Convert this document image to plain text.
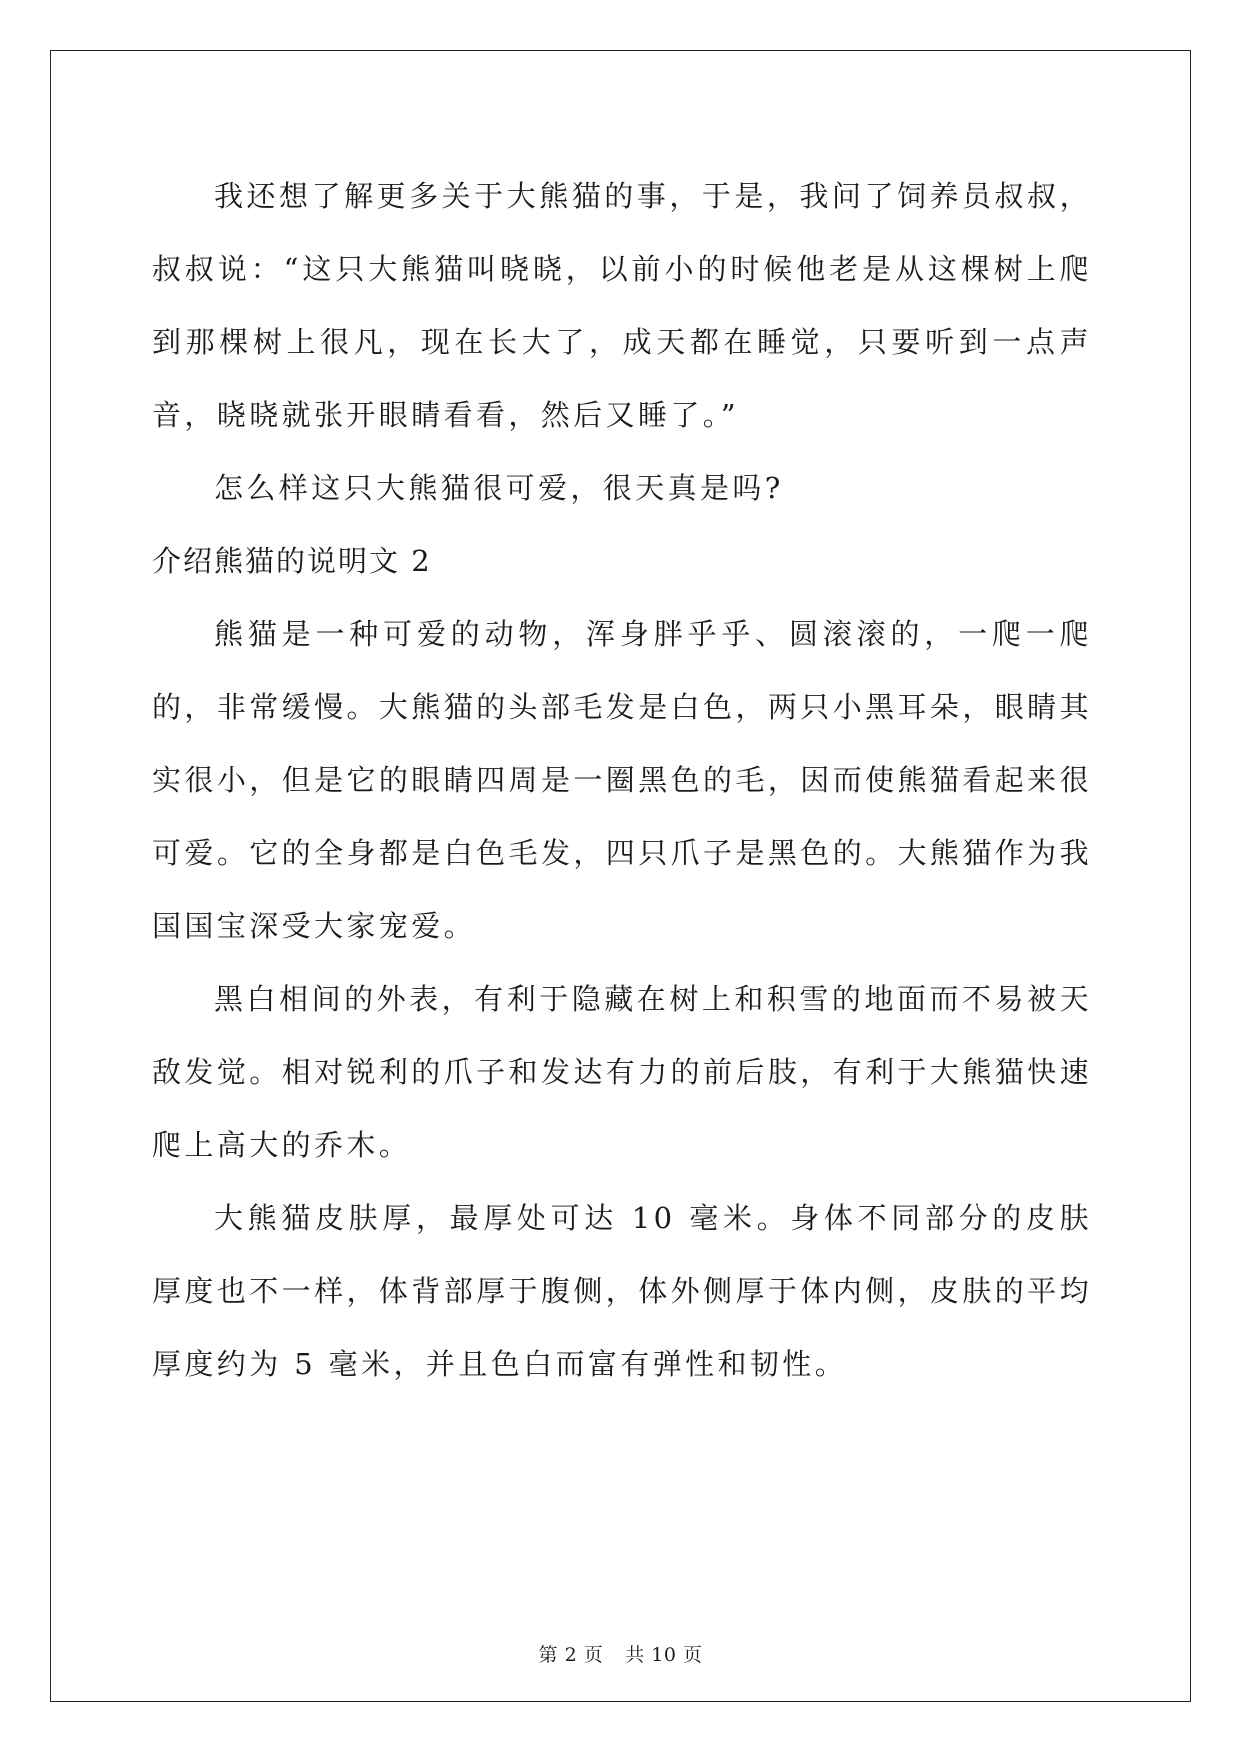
我还想了解更多关于大熊猫的事，于是，我问了饲养员叔叔，叔叔说：“这只大熊猫叫晓晓，以前小的时候他老是从这棵树上爬到那棵树上很凡，现在长大了，成天都在睡觉，只要听到一点声音，晓晓就张开眼睛看看，然后又睡了。”

怎么样这只大熊猫很可爱，很天真是吗?

介绍熊猫的说明文 2

熊猫是一种可爱的动物，浑身胖乎乎、圆滚滚的，一爬一爬的，非常缓慢。大熊猫的头部毛发是白色，两只小黑耳朵，眼睛其实很小，但是它的眼睛四周是一圈黑色的毛，因而使熊猫看起来很可爱。它的全身都是白色毛发，四只爪子是黑色的。大熊猫作为我国国宝深受大家宠爱。

黑白相间的外表，有利于隐藏在树上和积雪的地面而不易被天敌发觉。相对锐利的爪子和发达有力的前后肢，有利于大熊猫快速爬上高大的乔木。

大熊猫皮肤厚，最厚处可达 10 毫米。身体不同部分的皮肤厚度也不一样，体背部厚于腹侧，体外侧厚于体内侧，皮肤的平均厚度约为 5 毫米，并且色白而富有弹性和韧性。

第 2 页 共 10 页
